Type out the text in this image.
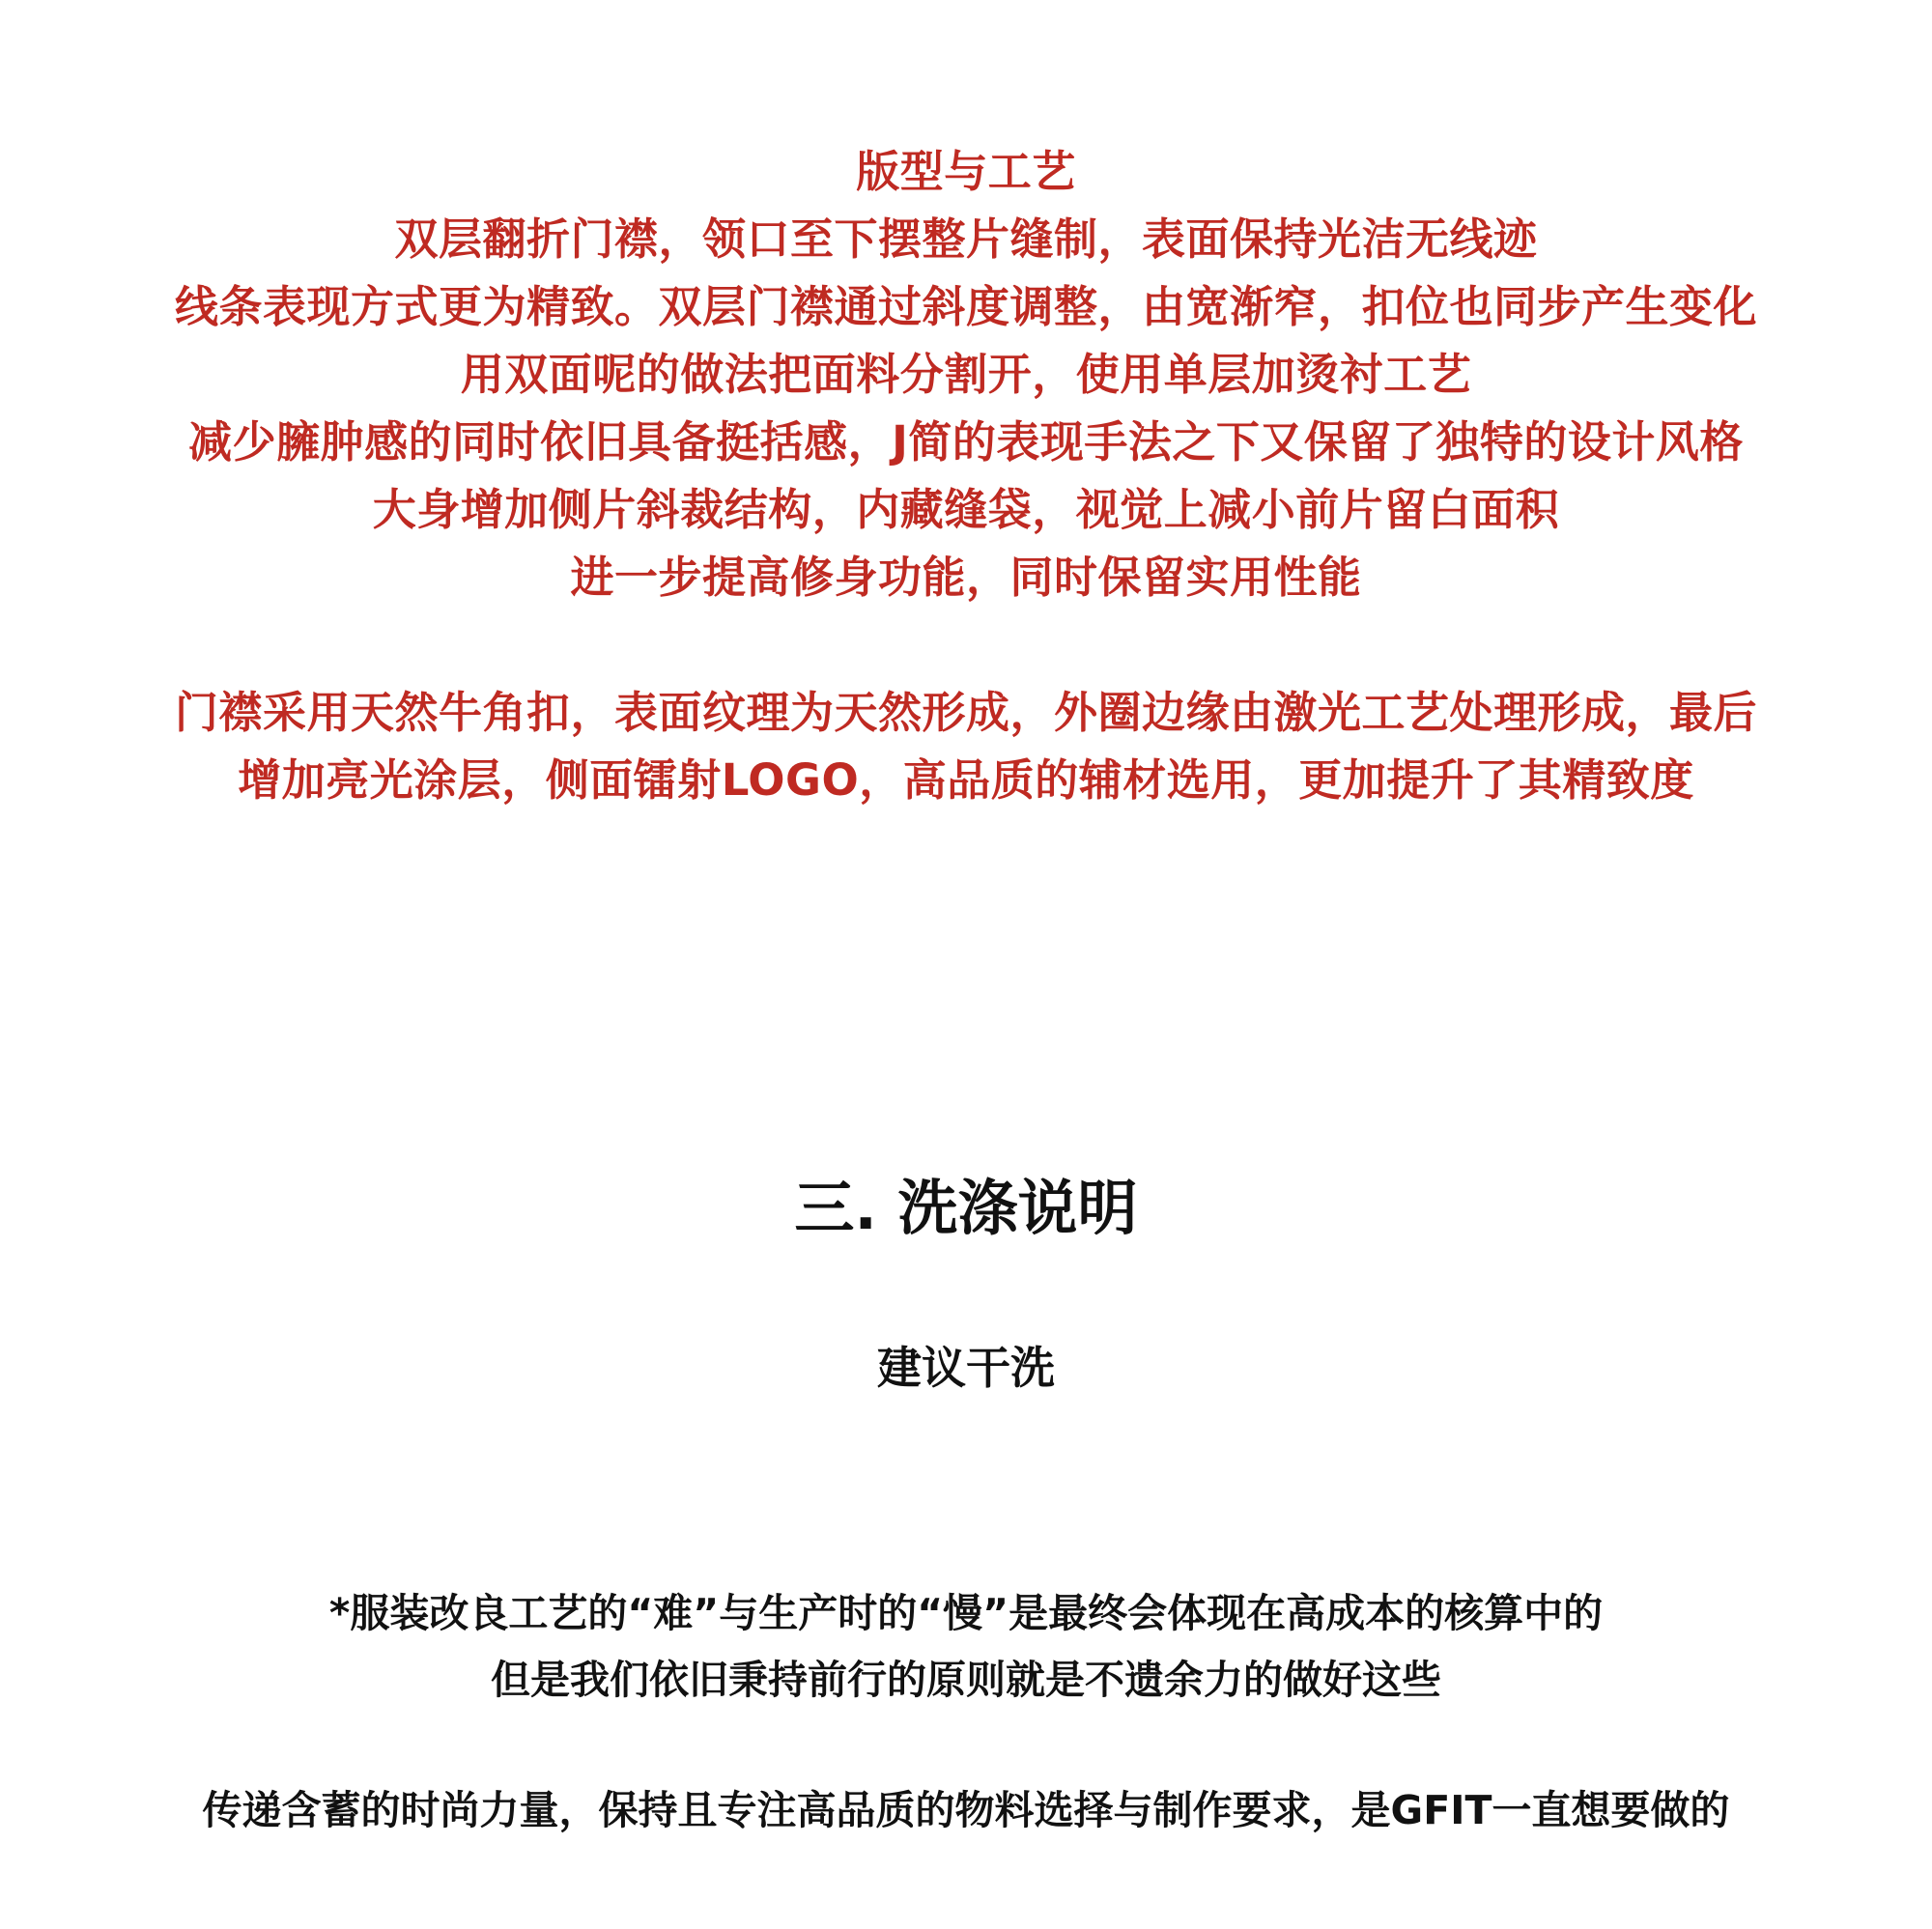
版型与工艺
双层翻折门襟，领口至下摆整片缝制，表面保持光洁无线迹
线条表现方式更为精致。双层门襟通过斜度调整，由宽渐窄，扣位也同步产生变化
用双面呢的做法把面料分割开，使用单层加烫衬工艺
减少臃肿感的同时依旧具备挺括感，J简的表现手法之下又保留了独特的设计风格
大身增加侧片斜裁结构，内藏缝袋，视觉上减小前片留白面积
进一步提高修身功能，同时保留实用性能
门襟采用天然牛角扣，表面纹理为天然形成，外圈边缘由激光工艺处理形成，最后
增加亮光涂层，侧面镭射LOGO，高品质的辅材选用，更加提升了其精致度
三. 洗涤说明
建议干洗
*服装改良工艺的“难”与生产时的“慢”是最终会体现在高成本的核算中的
但是我们依旧秉持前行的原则就是不遗余力的做好这些
传递含蓄的时尚力量，保持且专注高品质的物料选择与制作要求，是GFIT一直想要做的
